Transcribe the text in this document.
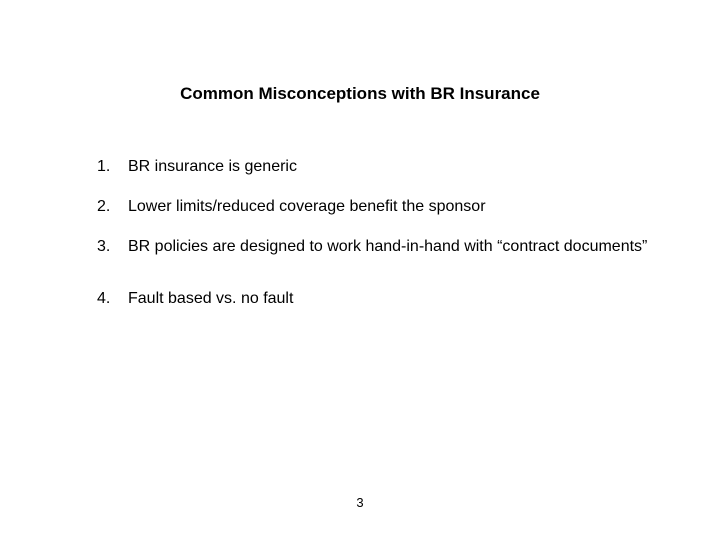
Common Misconceptions with BR Insurance
1.	BR insurance is generic
2.	Lower limits/reduced coverage benefit the sponsor
3.	BR policies are designed to work hand-in-hand with “contract documents”
4.	Fault based vs. no fault
3
